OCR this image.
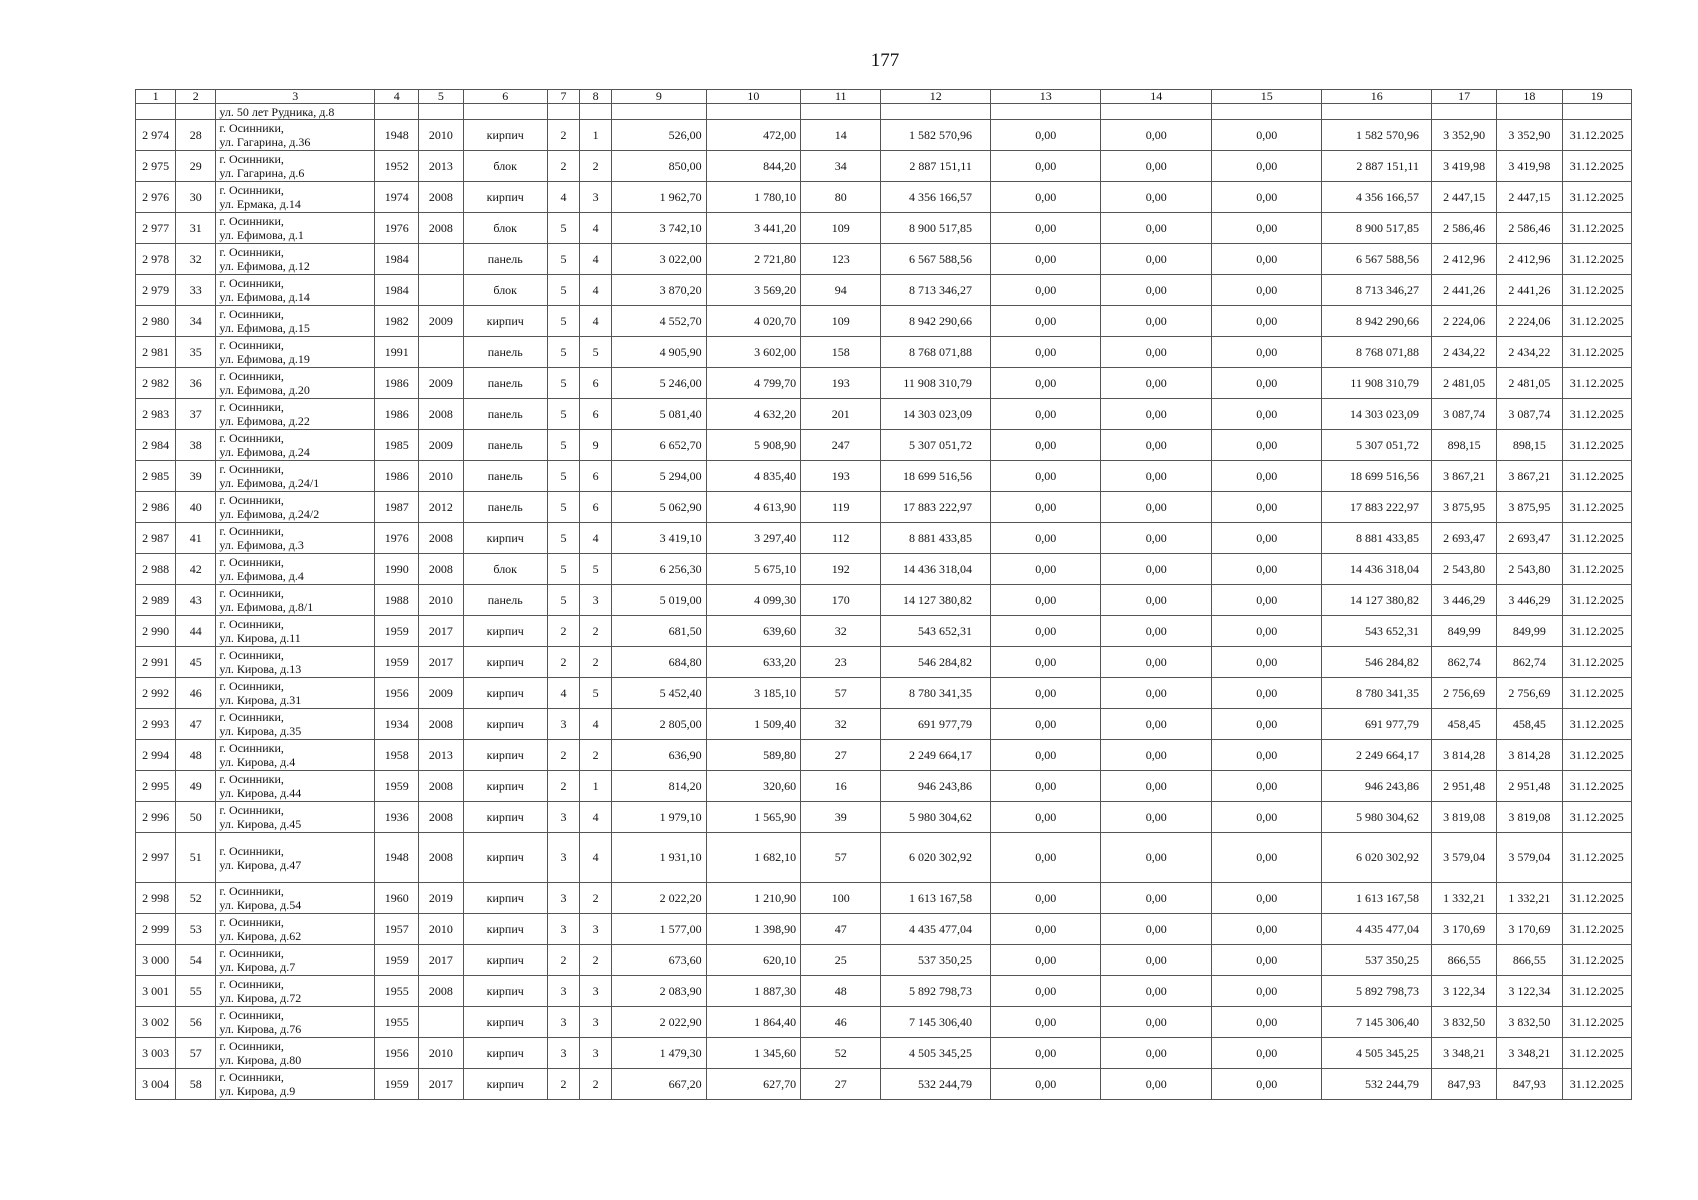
177
1	2	3	4	5	6	7	8	9	10	11	12	13	14	15	16	17	18	19
		ул. 50 лет Рудника, д.8																
2 974	28	г. Осинники,
ул. Гагарина, д.36	1948	2010	кирпич	2	1	526,00	472,00	14	1 582 570,96	0,00	0,00	0,00	1 582 570,96	3 352,90	3 352,90	31.12.2025
2 975	29	г. Осинники,
ул. Гагарина, д.6	1952	2013	блок	2	2	850,00	844,20	34	2 887 151,11	0,00	0,00	0,00	2 887 151,11	3 419,98	3 419,98	31.12.2025
2 976	30	г. Осинники,
ул. Ермака, д.14	1974	2008	кирпич	4	3	1 962,70	1 780,10	80	4 356 166,57	0,00	0,00	0,00	4 356 166,57	2 447,15	2 447,15	31.12.2025
2 977	31	г. Осинники,
ул. Ефимова, д.1	1976	2008	блок	5	4	3 742,10	3 441,20	109	8 900 517,85	0,00	0,00	0,00	8 900 517,85	2 586,46	2 586,46	31.12.2025
2 978	32	г. Осинники,
ул. Ефимова, д.12	1984		панель	5	4	3 022,00	2 721,80	123	6 567 588,56	0,00	0,00	0,00	6 567 588,56	2 412,96	2 412,96	31.12.2025
2 979	33	г. Осинники,
ул. Ефимова, д.14	1984		блок	5	4	3 870,20	3 569,20	94	8 713 346,27	0,00	0,00	0,00	8 713 346,27	2 441,26	2 441,26	31.12.2025
2 980	34	г. Осинники,
ул. Ефимова, д.15	1982	2009	кирпич	5	4	4 552,70	4 020,70	109	8 942 290,66	0,00	0,00	0,00	8 942 290,66	2 224,06	2 224,06	31.12.2025
2 981	35	г. Осинники,
ул. Ефимова, д.19	1991		панель	5	5	4 905,90	3 602,00	158	8 768 071,88	0,00	0,00	0,00	8 768 071,88	2 434,22	2 434,22	31.12.2025
2 982	36	г. Осинники,
ул. Ефимова, д.20	1986	2009	панель	5	6	5 246,00	4 799,70	193	11 908 310,79	0,00	0,00	0,00	11 908 310,79	2 481,05	2 481,05	31.12.2025
2 983	37	г. Осинники,
ул. Ефимова, д.22	1986	2008	панель	5	6	5 081,40	4 632,20	201	14 303 023,09	0,00	0,00	0,00	14 303 023,09	3 087,74	3 087,74	31.12.2025
2 984	38	г. Осинники,
ул. Ефимова, д.24	1985	2009	панель	5	9	6 652,70	5 908,90	247	5 307 051,72	0,00	0,00	0,00	5 307 051,72	898,15	898,15	31.12.2025
2 985	39	г. Осинники,
ул. Ефимова, д.24/1	1986	2010	панель	5	6	5 294,00	4 835,40	193	18 699 516,56	0,00	0,00	0,00	18 699 516,56	3 867,21	3 867,21	31.12.2025
2 986	40	г. Осинники,
ул. Ефимова, д.24/2	1987	2012	панель	5	6	5 062,90	4 613,90	119	17 883 222,97	0,00	0,00	0,00	17 883 222,97	3 875,95	3 875,95	31.12.2025
2 987	41	г. Осинники,
ул. Ефимова, д.3	1976	2008	кирпич	5	4	3 419,10	3 297,40	112	8 881 433,85	0,00	0,00	0,00	8 881 433,85	2 693,47	2 693,47	31.12.2025
2 988	42	г. Осинники,
ул. Ефимова, д.4	1990	2008	блок	5	5	6 256,30	5 675,10	192	14 436 318,04	0,00	0,00	0,00	14 436 318,04	2 543,80	2 543,80	31.12.2025
2 989	43	г. Осинники,
ул. Ефимова, д.8/1	1988	2010	панель	5	3	5 019,00	4 099,30	170	14 127 380,82	0,00	0,00	0,00	14 127 380,82	3 446,29	3 446,29	31.12.2025
2 990	44	г. Осинники,
ул. Кирова, д.11	1959	2017	кирпич	2	2	681,50	639,60	32	543 652,31	0,00	0,00	0,00	543 652,31	849,99	849,99	31.12.2025
2 991	45	г. Осинники,
ул. Кирова, д.13	1959	2017	кирпич	2	2	684,80	633,20	23	546 284,82	0,00	0,00	0,00	546 284,82	862,74	862,74	31.12.2025
2 992	46	г. Осинники,
ул. Кирова, д.31	1956	2009	кирпич	4	5	5 452,40	3 185,10	57	8 780 341,35	0,00	0,00	0,00	8 780 341,35	2 756,69	2 756,69	31.12.2025
2 993	47	г. Осинники,
ул. Кирова, д.35	1934	2008	кирпич	3	4	2 805,00	1 509,40	32	691 977,79	0,00	0,00	0,00	691 977,79	458,45	458,45	31.12.2025
2 994	48	г. Осинники,
ул. Кирова, д.4	1958	2013	кирпич	2	2	636,90	589,80	27	2 249 664,17	0,00	0,00	0,00	2 249 664,17	3 814,28	3 814,28	31.12.2025
2 995	49	г. Осинники,
ул. Кирова, д.44	1959	2008	кирпич	2	1	814,20	320,60	16	946 243,86	0,00	0,00	0,00	946 243,86	2 951,48	2 951,48	31.12.2025
2 996	50	г. Осинники,
ул. Кирова, д.45	1936	2008	кирпич	3	4	1 979,10	1 565,90	39	5 980 304,62	0,00	0,00	0,00	5 980 304,62	3 819,08	3 819,08	31.12.2025
2 997	51	г. Осинники,
ул. Кирова, д.47	1948	2008	кирпич	3	4	1 931,10	1 682,10	57	6 020 302,92	0,00	0,00	0,00	6 020 302,92	3 579,04	3 579,04	31.12.2025
2 998	52	г. Осинники,
ул. Кирова, д.54	1960	2019	кирпич	3	2	2 022,20	1 210,90	100	1 613 167,58	0,00	0,00	0,00	1 613 167,58	1 332,21	1 332,21	31.12.2025
2 999	53	г. Осинники,
ул. Кирова, д.62	1957	2010	кирпич	3	3	1 577,00	1 398,90	47	4 435 477,04	0,00	0,00	0,00	4 435 477,04	3 170,69	3 170,69	31.12.2025
3 000	54	г. Осинники,
ул. Кирова, д.7	1959	2017	кирпич	2	2	673,60	620,10	25	537 350,25	0,00	0,00	0,00	537 350,25	866,55	866,55	31.12.2025
3 001	55	г. Осинники,
ул. Кирова, д.72	1955	2008	кирпич	3	3	2 083,90	1 887,30	48	5 892 798,73	0,00	0,00	0,00	5 892 798,73	3 122,34	3 122,34	31.12.2025
3 002	56	г. Осинники,
ул. Кирова, д.76	1955		кирпич	3	3	2 022,90	1 864,40	46	7 145 306,40	0,00	0,00	0,00	7 145 306,40	3 832,50	3 832,50	31.12.2025
3 003	57	г. Осинники,
ул. Кирова, д.80	1956	2010	кирпич	3	3	1 479,30	1 345,60	52	4 505 345,25	0,00	0,00	0,00	4 505 345,25	3 348,21	3 348,21	31.12.2025
3 004	58	г. Осинники,
ул. Кирова, д.9	1959	2017	кирпич	2	2	667,20	627,70	27	532 244,79	0,00	0,00	0,00	532 244,79	847,93	847,93	31.12.2025
